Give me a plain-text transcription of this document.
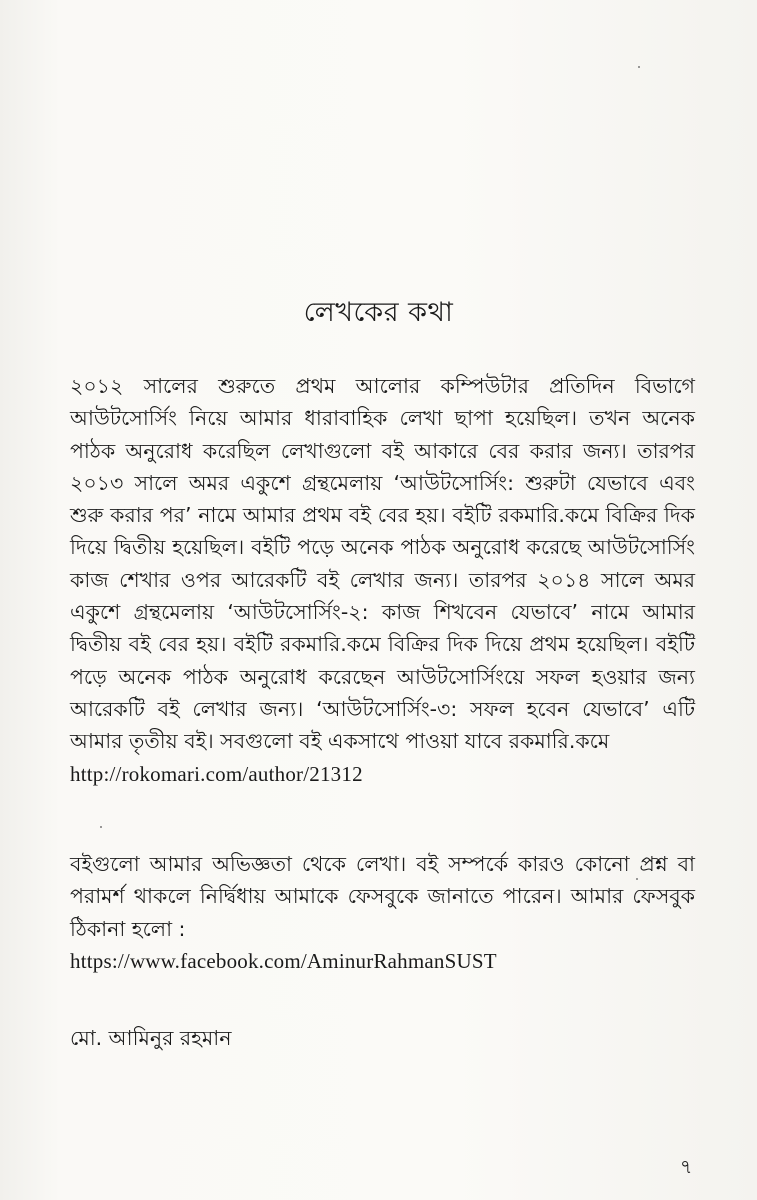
লেখকের কথা
২০১২ সালের শুরুতে প্রথম আলোর কম্পিউটার প্রতিদিন বিভাগে আউটসোর্সিং নিয়ে আমার ধারাবাহিক লেখা ছাপা হয়েছিল। তখন অনেক পাঠক অনুরোধ করেছিল লেখাগুলো বই আকারে বের করার জন্য। তারপর ২০১৩ সালে অমর একুশে গ্রন্থমেলায় ‘আউটসোর্সিং: শুরুটা যেভাবে এবং শুরু করার পর’ নামে আমার প্রথম বই বের হয়। বইটি রকমারি.কমে বিক্রির দিক দিয়ে দ্বিতীয় হয়েছিল। বইটি পড়ে অনেক পাঠক অনুরোধ করেছে আউটসোর্সিং কাজ শেখার ওপর আরেকটি বই লেখার জন্য। তারপর ২০১৪ সালে অমর একুশে গ্রন্থমেলায় ‘আউটসোর্সিং-২: কাজ শিখবেন যেভাবে’ নামে আমার দ্বিতীয় বই বের হয়। বইটি রকমারি.কমে বিক্রির দিক দিয়ে প্রথম হয়েছিল। বইটি পড়ে অনেক পাঠক অনুরোধ করেছেন আউটসোর্সিংয়ে সফল হওয়ার জন্য আরেকটি বই লেখার জন্য। ‘আউটসোর্সিং-৩: সফল হবেন যেভাবে’ এটি আমার তৃতীয় বই। সবগুলো বই একসাথে পাওয়া যাবে রকমারি.কমে
http://rokomari.com/author/21312
বইগুলো আমার অভিজ্ঞতা থেকে লেখা। বই সম্পর্কে কারও কোনো প্রশ্ন বা পরামর্শ থাকলে নির্দ্বিধায় আমাকে ফেসবুকে জানাতে পারেন। আমার ফেসবুক ঠিকানা হলো :
https://www.facebook.com/AminurRahmanSUST
মো. আমিনুর রহমান
৭
